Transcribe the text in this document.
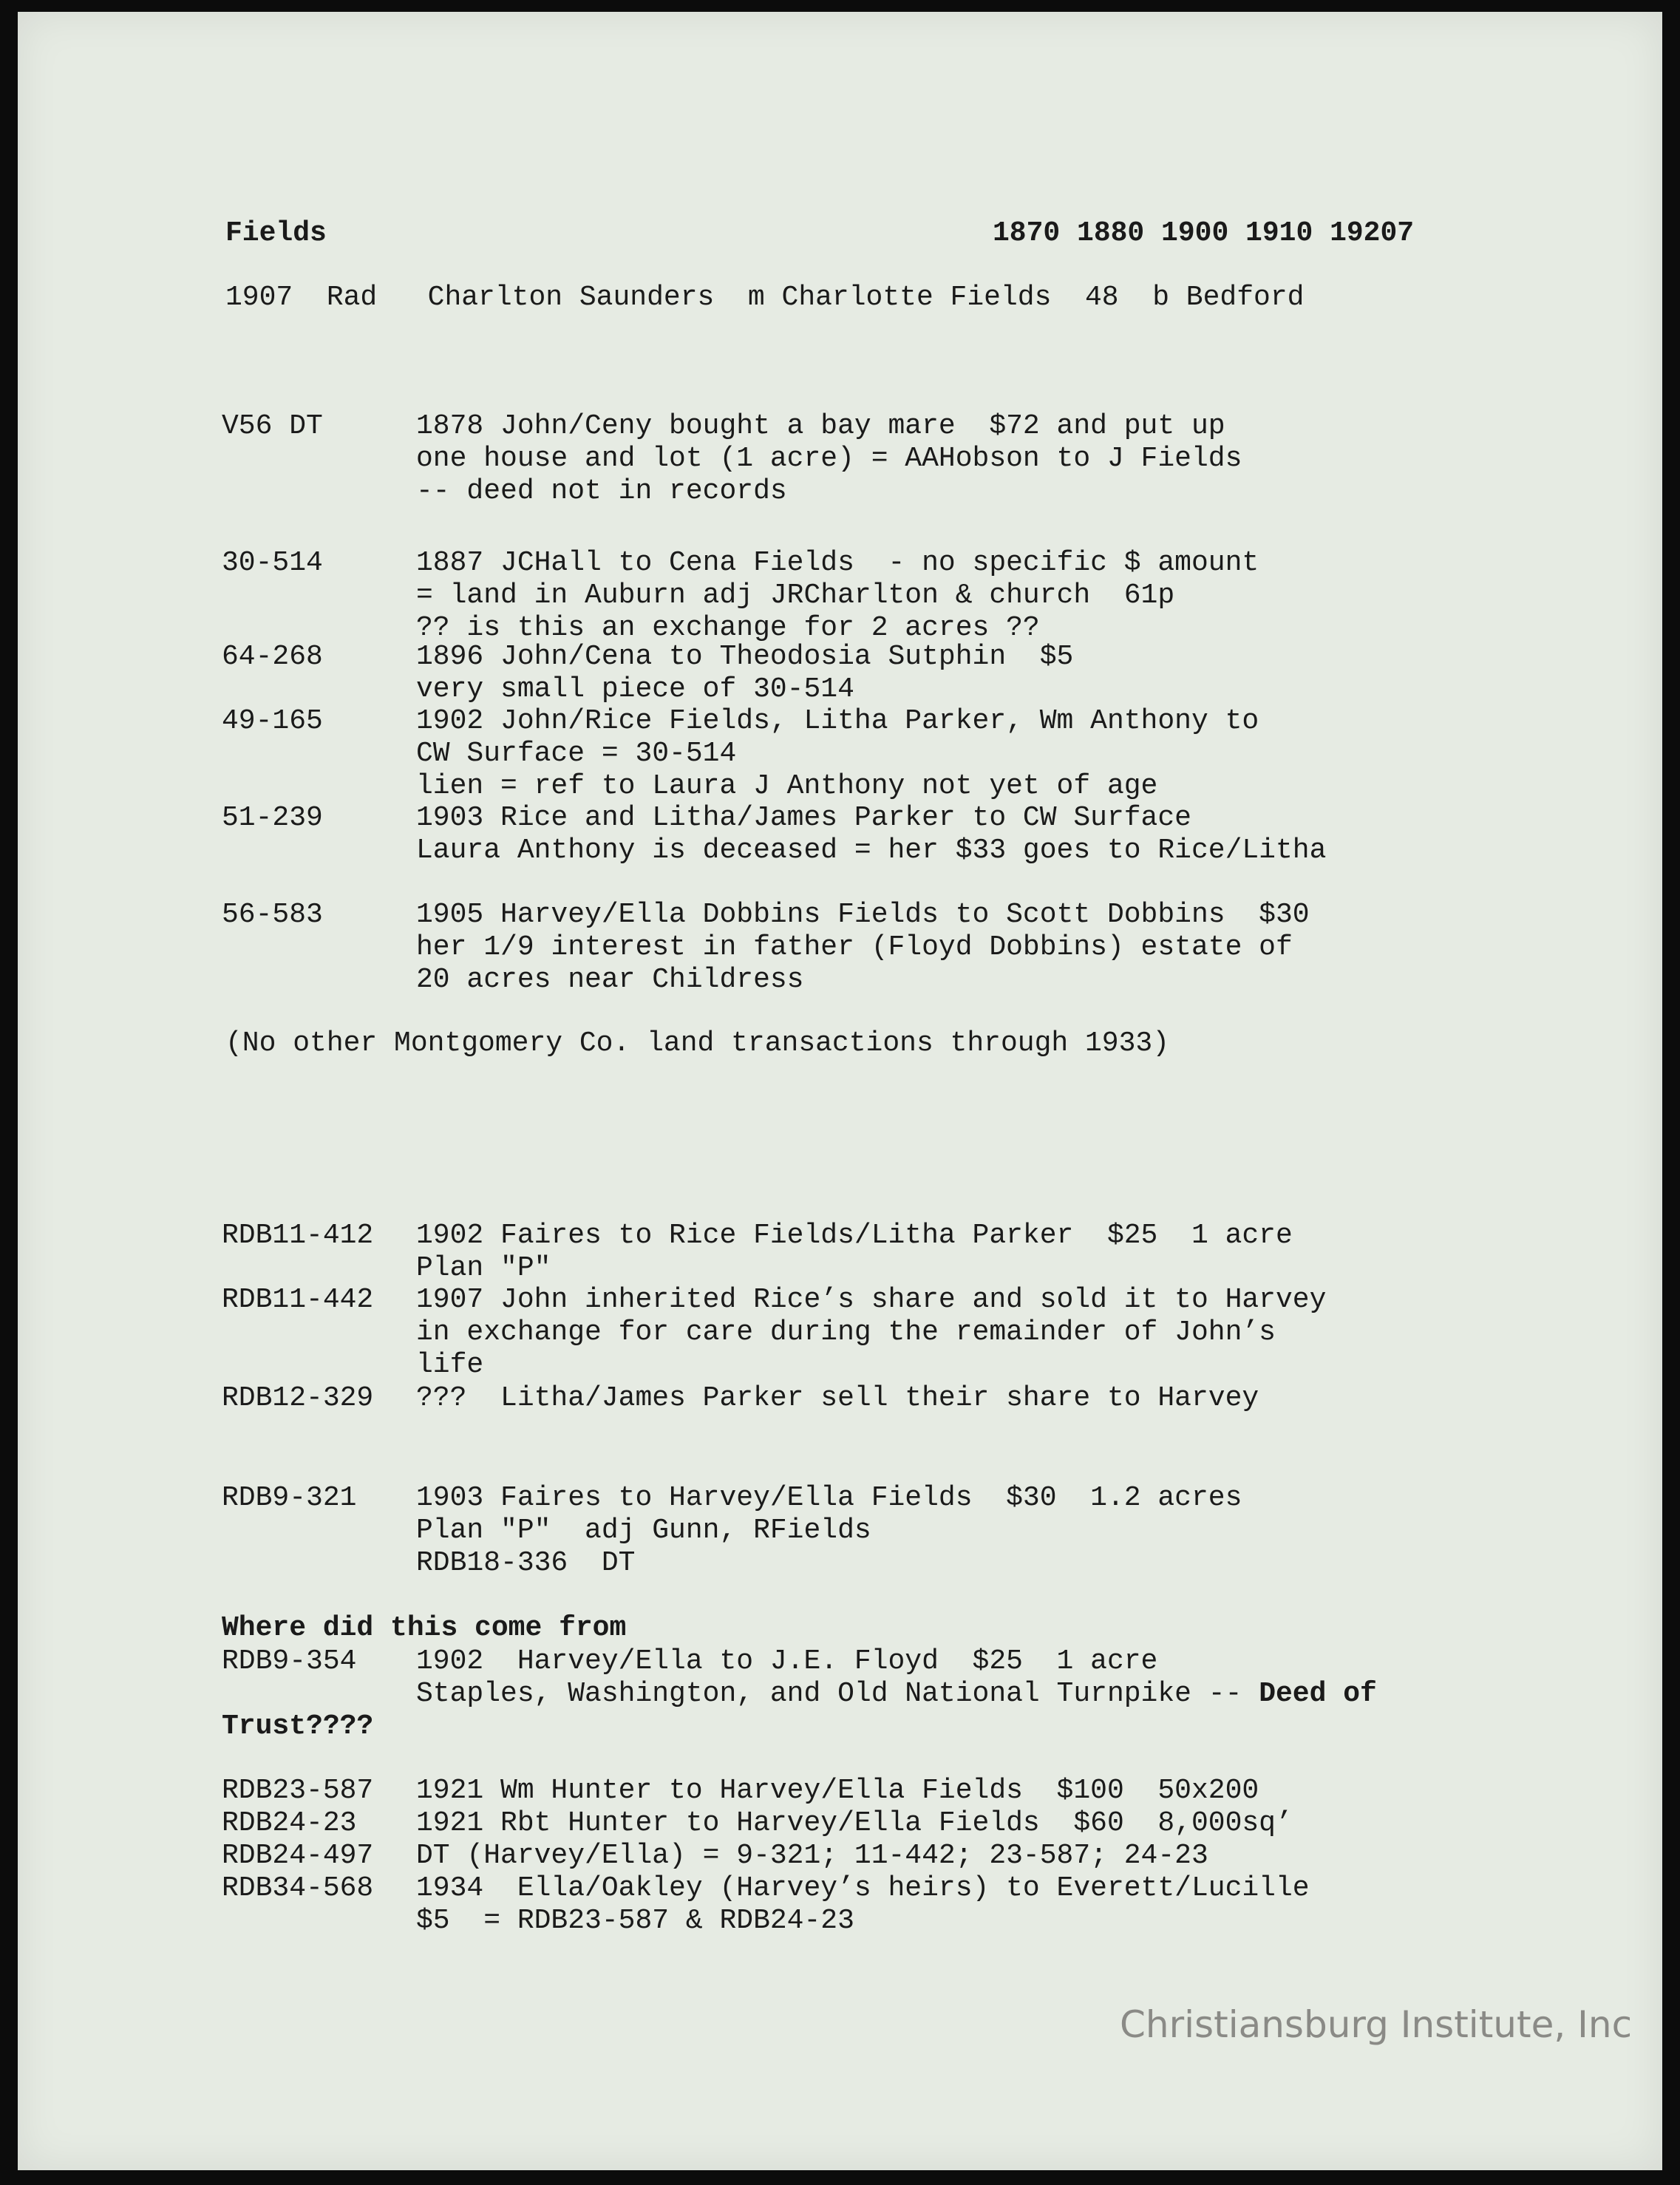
Fields	1870 1880 1900 1910 19207
1907  Rad   Charlton Saunders  m Charlotte Fields  48  b Bedford
V56 DT	1878 John/Ceny bought a bay mare  $72 and put up
one house and lot (1 acre) = AAHobson to J Fields
-- deed not in records
30-514	1887 JCHall to Cena Fields  - no specific $ amount
= land in Auburn adj JRCharlton & church  61p
?? is this an exchange for 2 acres ??
64-268	1896 John/Cena to Theodosia Sutphin  $5
very small piece of 30-514
49-165	1902 John/Rice Fields, Litha Parker, Wm Anthony to
CW Surface = 30-514
lien = ref to Laura J Anthony not yet of age
51-239	1903 Rice and Litha/James Parker to CW Surface
Laura Anthony is deceased = her $33 goes to Rice/Litha
56-583	1905 Harvey/Ella Dobbins Fields to Scott Dobbins  $30
her 1/9 interest in father (Floyd Dobbins) estate of
20 acres near Childress
(No other Montgomery Co. land transactions through 1933)
RDB11-412 1902 Faires to Rice Fields/Litha Parker  $25  1 acre
Plan "P"
RDB11-442 1907 John inherited Rice’s share and sold it to Harvey
in exchange for care during the remainder of John’s
life
RDB12-329 ???  Litha/James Parker sell their share to Harvey
RDB9-321 1903 Faires to Harvey/Ella Fields  $30  1.2 acres
Plan "P"  adj Gunn, RFields
RDB18-336  DT
Where did this come from
RDB9-354 1902  Harvey/Ella to J.E. Floyd  $25  1 acre
Staples, Washington, and Old National Turnpike -- Deed of
Trust????
RDB23-587 1921 Wm Hunter to Harvey/Ella Fields  $100  50x200
RDB24-23 1921 Rbt Hunter to Harvey/Ella Fields  $60  8,000sq’
RDB24-497 DT (Harvey/Ella) = 9-321; 11-442; 23-587; 24-23
RDB34-568 1934  Ella/Oakley (Harvey’s heirs) to Everett/Lucille
$5  = RDB23-587 & RDB24-23
Christiansburg Institute, Inc
